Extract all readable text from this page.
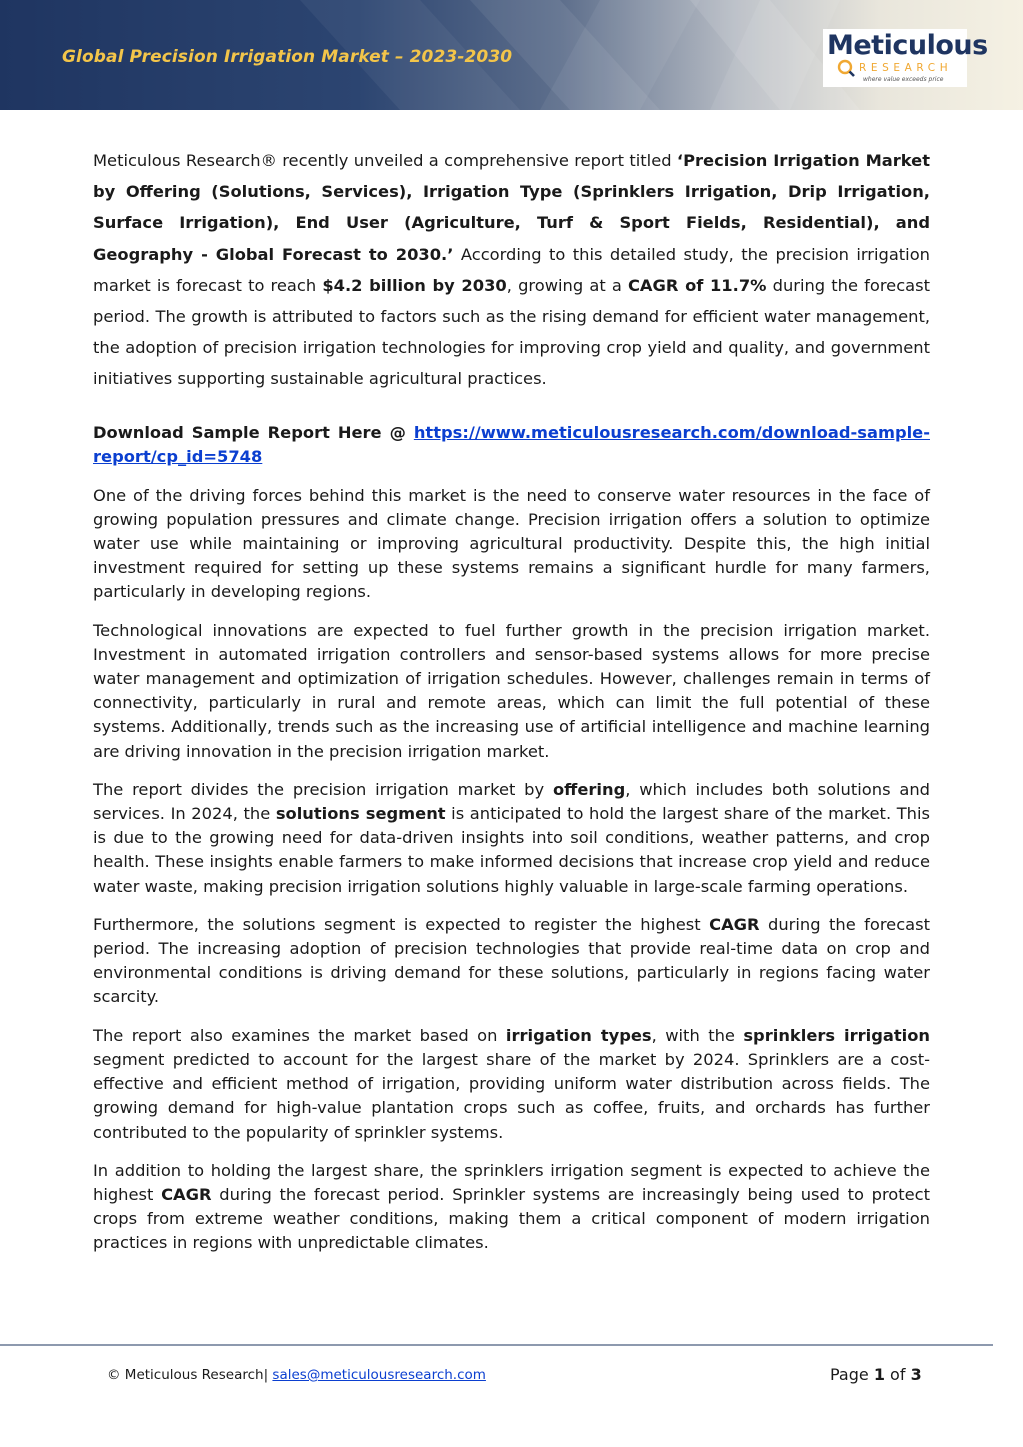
Global Precision Irrigation Market – 2023-2030	Meticulous
RESEARCH
where value exceeds price

Meticulous Research® recently unveiled a comprehensive report titled ‘Precision Irrigation Market by Offering (Solutions, Services), Irrigation Type (Sprinklers Irrigation, Drip Irrigation, Surface Irrigation), End User (Agriculture, Turf & Sport Fields, Residential), and Geography - Global Forecast to 2030.’ According to this detailed study, the precision irrigation market is forecast to reach $4.2 billion by 2030, growing at a CAGR of 11.7% during the forecast period. The growth is attributed to factors such as the rising demand for efficient water management, the adoption of precision irrigation technologies for improving crop yield and quality, and government initiatives supporting sustainable agricultural practices.

Download Sample Report Here @ https://www.meticulousresearch.com/download-sample-report/cp_id=5748

One of the driving forces behind this market is the need to conserve water resources in the face of growing population pressures and climate change. Precision irrigation offers a solution to optimize water use while maintaining or improving agricultural productivity. Despite this, the high initial investment required for setting up these systems remains a significant hurdle for many farmers, particularly in developing regions.

Technological innovations are expected to fuel further growth in the precision irrigation market. Investment in automated irrigation controllers and sensor-based systems allows for more precise water management and optimization of irrigation schedules. However, challenges remain in terms of connectivity, particularly in rural and remote areas, which can limit the full potential of these systems. Additionally, trends such as the increasing use of artificial intelligence and machine learning are driving innovation in the precision irrigation market.

The report divides the precision irrigation market by offering, which includes both solutions and services. In 2024, the solutions segment is anticipated to hold the largest share of the market. This is due to the growing need for data-driven insights into soil conditions, weather patterns, and crop health. These insights enable farmers to make informed decisions that increase crop yield and reduce water waste, making precision irrigation solutions highly valuable in large-scale farming operations.

Furthermore, the solutions segment is expected to register the highest CAGR during the forecast period. The increasing adoption of precision technologies that provide real-time data on crop and environmental conditions is driving demand for these solutions, particularly in regions facing water scarcity.

The report also examines the market based on irrigation types, with the sprinklers irrigation segment predicted to account for the largest share of the market by 2024. Sprinklers are a cost-effective and efficient method of irrigation, providing uniform water distribution across fields. The growing demand for high-value plantation crops such as coffee, fruits, and orchards has further contributed to the popularity of sprinkler systems.

In addition to holding the largest share, the sprinklers irrigation segment is expected to achieve the highest CAGR during the forecast period. Sprinkler systems are increasingly being used to protect crops from extreme weather conditions, making them a critical component of modern irrigation practices in regions with unpredictable climates.

© Meticulous Research| sales@meticulousresearch.com	Page 1 of 3
